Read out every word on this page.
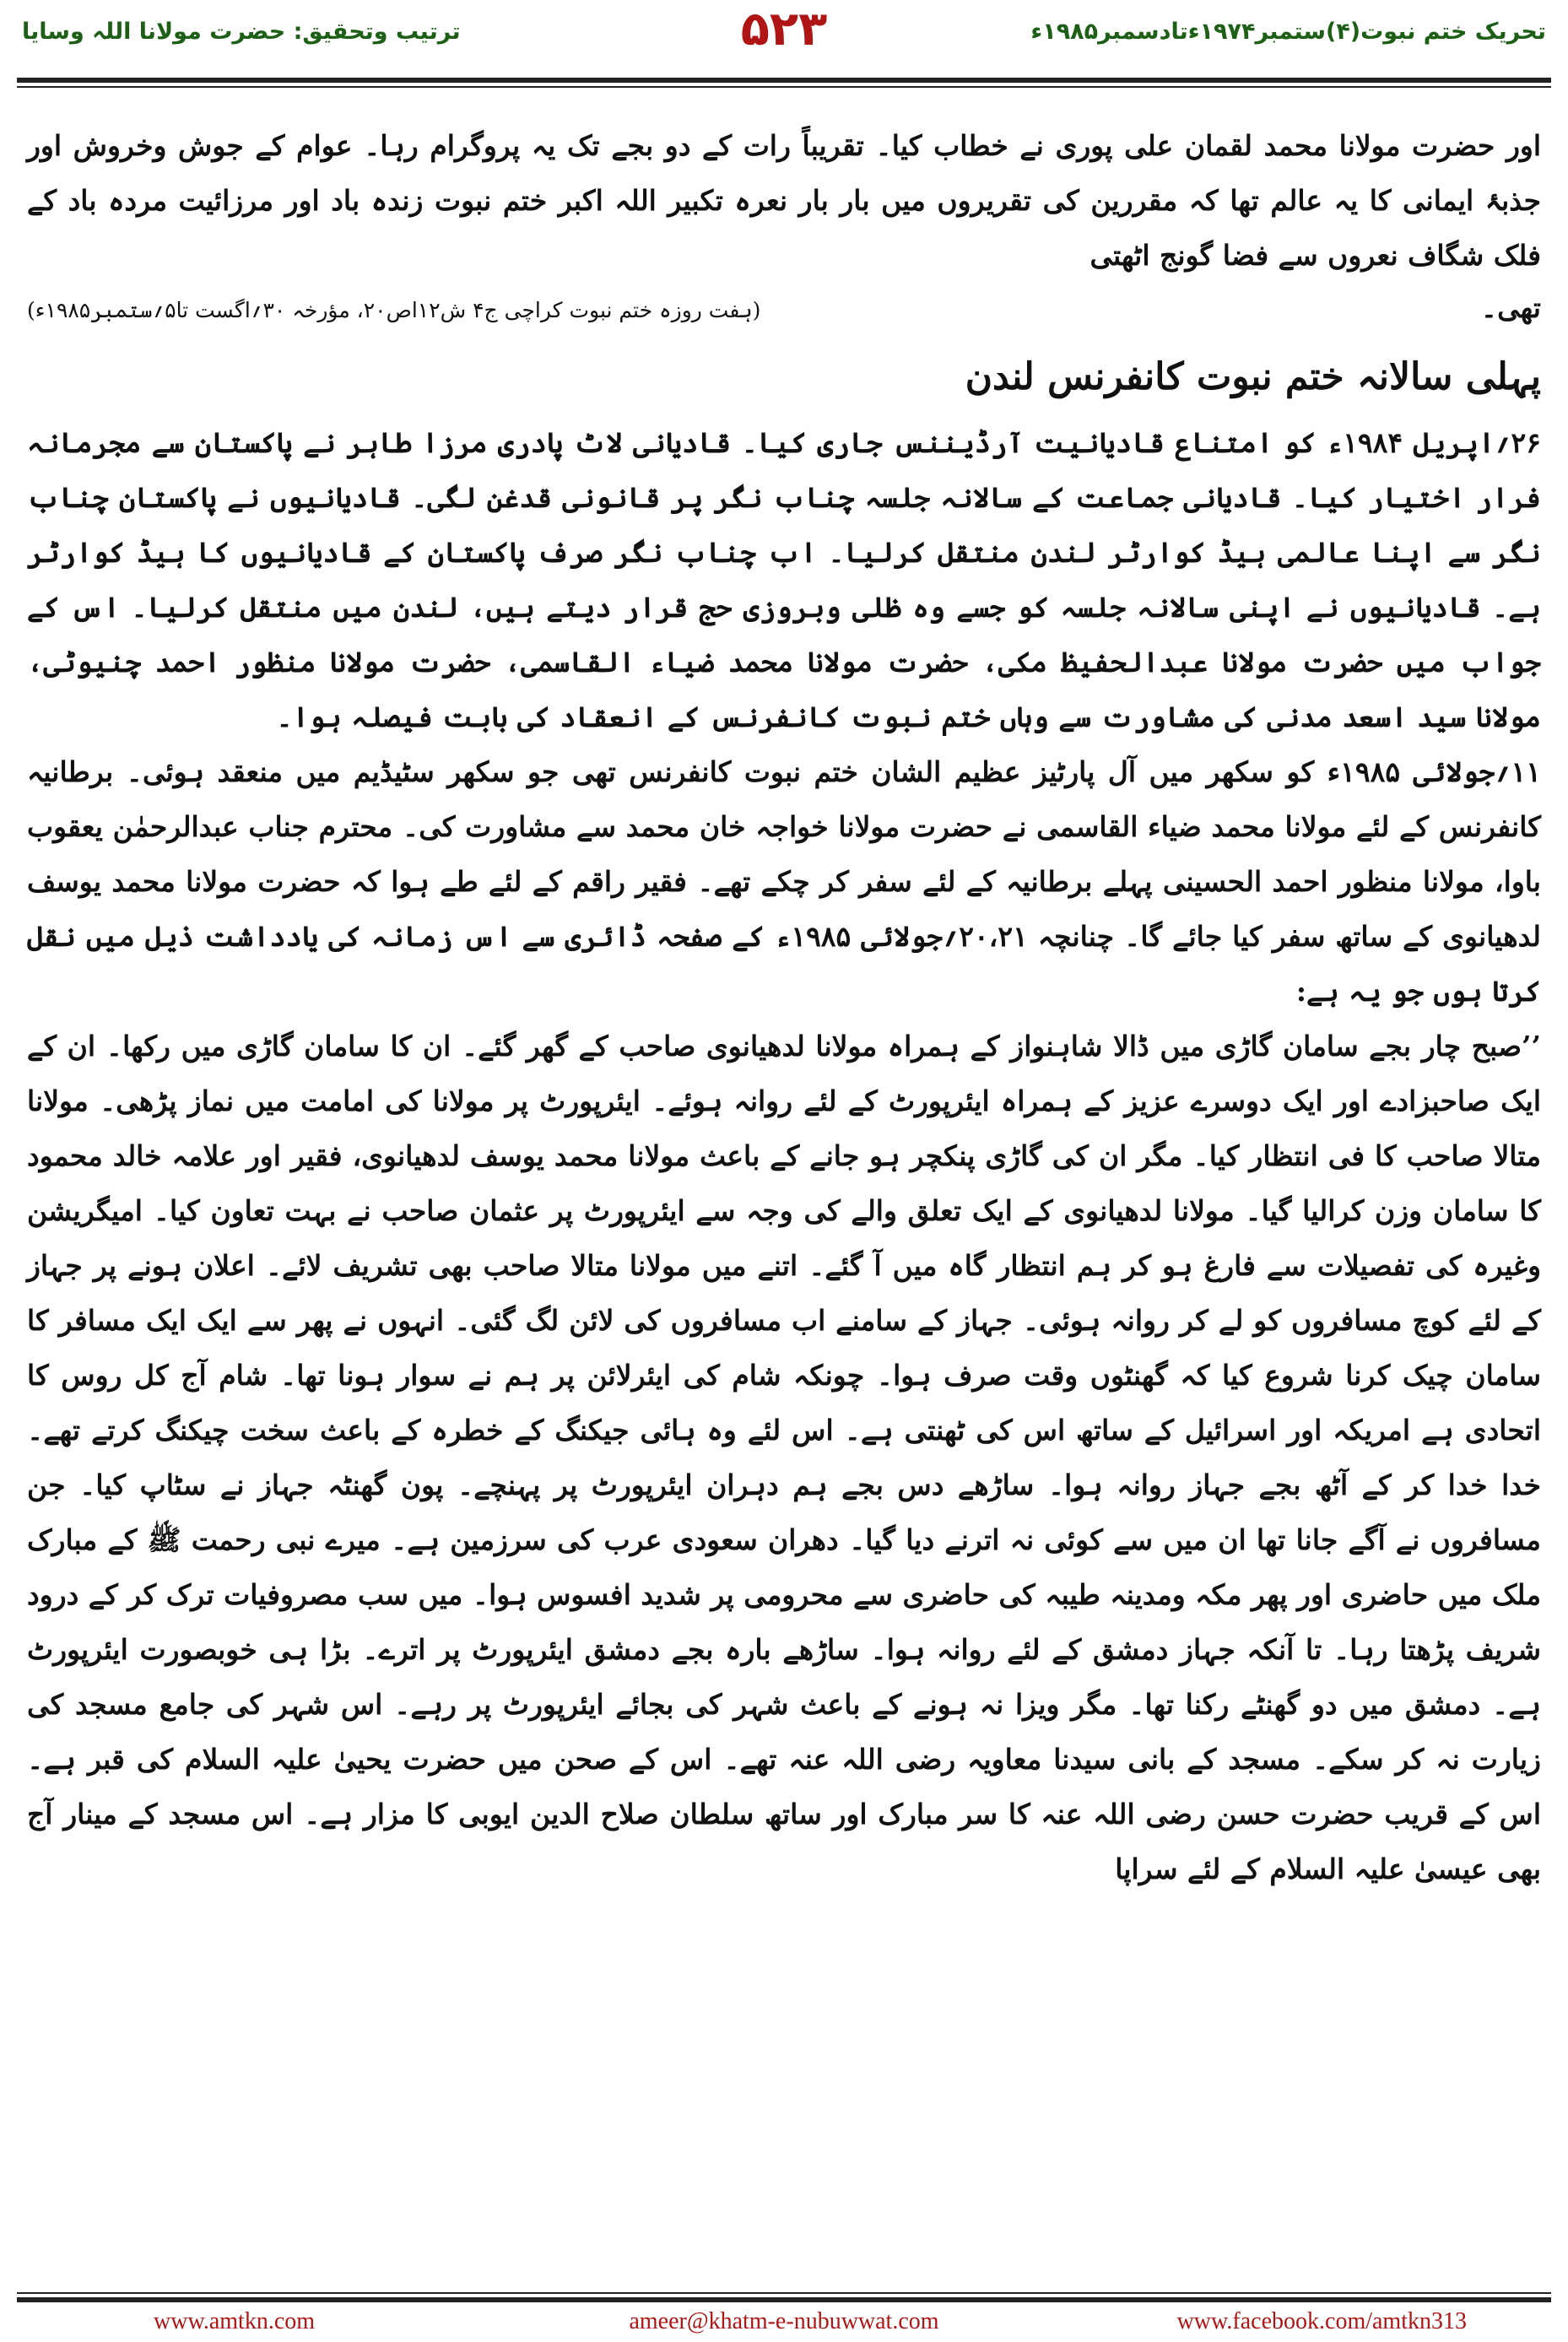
ترتیب وتحقیق: حضرت مولانا اللہ وسایا	۵۲۳	تحریک ختم نبوت(۴)ستمبر۱۹۷۴ءتادسمبر۱۹۸۵ء

اور حضرت مولانا محمد لقمان علی پوری نے خطاب کیا۔ تقریباً رات کے دو بجے تک یہ پروگرام رہا۔ عوام کے جوش وخروش اور جذبۂ ایمانی کا یہ عالم تھا کہ مقررین کی تقریروں میں بار بار نعرہ تکبیر اللہ اکبر ختم نبوت زندہ باد اور مرزائیت مردہ باد کے فلک شگاف نعروں سے فضا گونج اٹھتی

تھی۔
(ہفت روزہ ختم نبوت کراچی ج۴ ش۱۲اص۲۰، مؤرخہ ۳۰؍اگست تا۵؍ستمبر۱۹۸۵ء)
پہلی سالانہ ختم نبوت کانفرنس لندن

۲۶؍اپریل ۱۹۸۴ء کو امتناع قادیانیت آرڈیننس جاری کیا۔ قادیانی لاٹ پادری مرزا طاہر نے پاکستان سے مجرمانہ فرار اختیار کیا۔ قادیانی جماعت کے سالانہ جلسہ چناب نگر پر قانونی قدغن لگی۔ قادیانیوں نے پاکستان چناب نگر سے اپنا عالمی ہیڈ کوارٹر لندن منتقل کرلیا۔ اب چناب نگر صرف پاکستان کے قادیانیوں کا ہیڈ کوارٹر ہے۔ قادیانیوں نے اپنی سالانہ جلسہ کو جسے وہ ظلی وبروزی حج قرار دیتے ہیں، لندن میں منتقل کرلیا۔ اس کے جواب میں حضرت مولانا عبدالحفیظ مکی، حضرت مولانا محمد ضیاء القاسمی، حضرت مولانا منظور احمد چنیوٹی، مولانا سید اسعد مدنی کی مشاورت سے وہاں ختم نبوت کانفرنس کے انعقاد کی بابت فیصلہ ہوا۔

۱۱؍جولائی ۱۹۸۵ء کو سکھر میں آل پارٹیز عظیم الشان ختم نبوت کانفرنس تھی جو سکھر سٹیڈیم میں منعقد ہوئی۔ برطانیہ کانفرنس کے لئے مولانا محمد ضیاء القاسمی نے حضرت مولانا خواجہ خان محمد سے مشاورت کی۔ محترم جناب عبدالرحمٰن یعقوب باوا، مولانا منظور احمد الحسینی پہلے برطانیہ کے لئے سفر کر چکے تھے۔ فقیر راقم کے لئے طے ہوا کہ حضرت مولانا محمد یوسف لدھیانوی کے ساتھ سفر کیا جائے گا۔ چنانچہ ۲۰،۲۱؍جولائی ۱۹۸۵ء کے صفحہ ڈائری سے اس زمانہ کی یادداشت ذیل میں نقل کرتا ہوں جو یہ ہے:

’’صبح چار بجے سامان گاڑی میں ڈالا شاہنواز کے ہمراہ مولانا لدھیانوی صاحب کے گھر گئے۔ ان کا سامان گاڑی میں رکھا۔ ان کے ایک صاحبزادے اور ایک دوسرے عزیز کے ہمراہ ایئرپورٹ کے لئے روانہ ہوئے۔ ایئرپورٹ پر مولانا کی امامت میں نماز پڑھی۔ مولانا متالا صاحب کا فی انتظار کیا۔ مگر ان کی گاڑی پنکچر ہو جانے کے باعث مولانا محمد یوسف لدھیانوی، فقیر اور علامہ خالد محمود کا سامان وزن کرالیا گیا۔ مولانا لدھیانوی کے ایک تعلق والے کی وجہ سے ایئرپورٹ پر عثمان صاحب نے بہت تعاون کیا۔ امیگریشن وغیرہ کی تفصیلات سے فارغ ہو کر ہم انتظار گاہ میں آ گئے۔ اتنے میں مولانا متالا صاحب بھی تشریف لائے۔ اعلان ہونے پر جہاز کے لئے کوچ مسافروں کو لے کر روانہ ہوئی۔ جہاز کے سامنے اب مسافروں کی لائن لگ گئی۔ انہوں نے پھر سے ایک ایک مسافر کا سامان چیک کرنا شروع کیا کہ گھنٹوں وقت صرف ہوا۔ چونکہ شام کی ایئرلائن پر ہم نے سوار ہونا تھا۔ شام آج کل روس کا اتحادی ہے امریکہ اور اسرائیل کے ساتھ اس کی ٹھنتی ہے۔ اس لئے وہ ہائی جیکنگ کے خطرہ کے باعث سخت چیکنگ کرتے تھے۔ خدا خدا کر کے آٹھ بجے جہاز روانہ ہوا۔ ساڑھے دس بجے ہم دہران ایئرپورٹ پر پہنچے۔ پون گھنٹہ جہاز نے سٹاپ کیا۔ جن مسافروں نے آگے جانا تھا ان میں سے کوئی نہ اترنے دیا گیا۔ دھران سعودی عرب کی سرزمین ہے۔ میرے نبی رحمت ﷺ کے مبارک ملک میں حاضری اور پھر مکہ ومدینہ طیبہ کی حاضری سے محرومی پر شدید افسوس ہوا۔ میں سب مصروفیات ترک کر کے درود شریف پڑھتا رہا۔ تا آنکہ جہاز دمشق کے لئے روانہ ہوا۔ ساڑھے بارہ بجے دمشق ایئرپورٹ پر اترے۔ بڑا ہی خوبصورت ایئرپورٹ ہے۔ دمشق میں دو گھنٹے رکنا تھا۔ مگر ویزا نہ ہونے کے باعث شہر کی بجائے ایئرپورٹ پر رہے۔ اس شہر کی جامع مسجد کی زیارت نہ کر سکے۔ مسجد کے بانی سیدنا معاویہ رضی اللہ عنہ تھے۔ اس کے صحن میں حضرت یحییٰ علیہ السلام کی قبر ہے۔ اس کے قریب حضرت حسن رضی اللہ عنہ کا سر مبارک اور ساتھ سلطان صلاح الدین ایوبی کا مزار ہے۔ اس مسجد کے مینار آج بھی عیسیٰ علیہ السلام کے لئے سراپا

www.amtkn.com	ameer@khatm-e-nubuwwat.com	www.facebook.com/amtkn313
